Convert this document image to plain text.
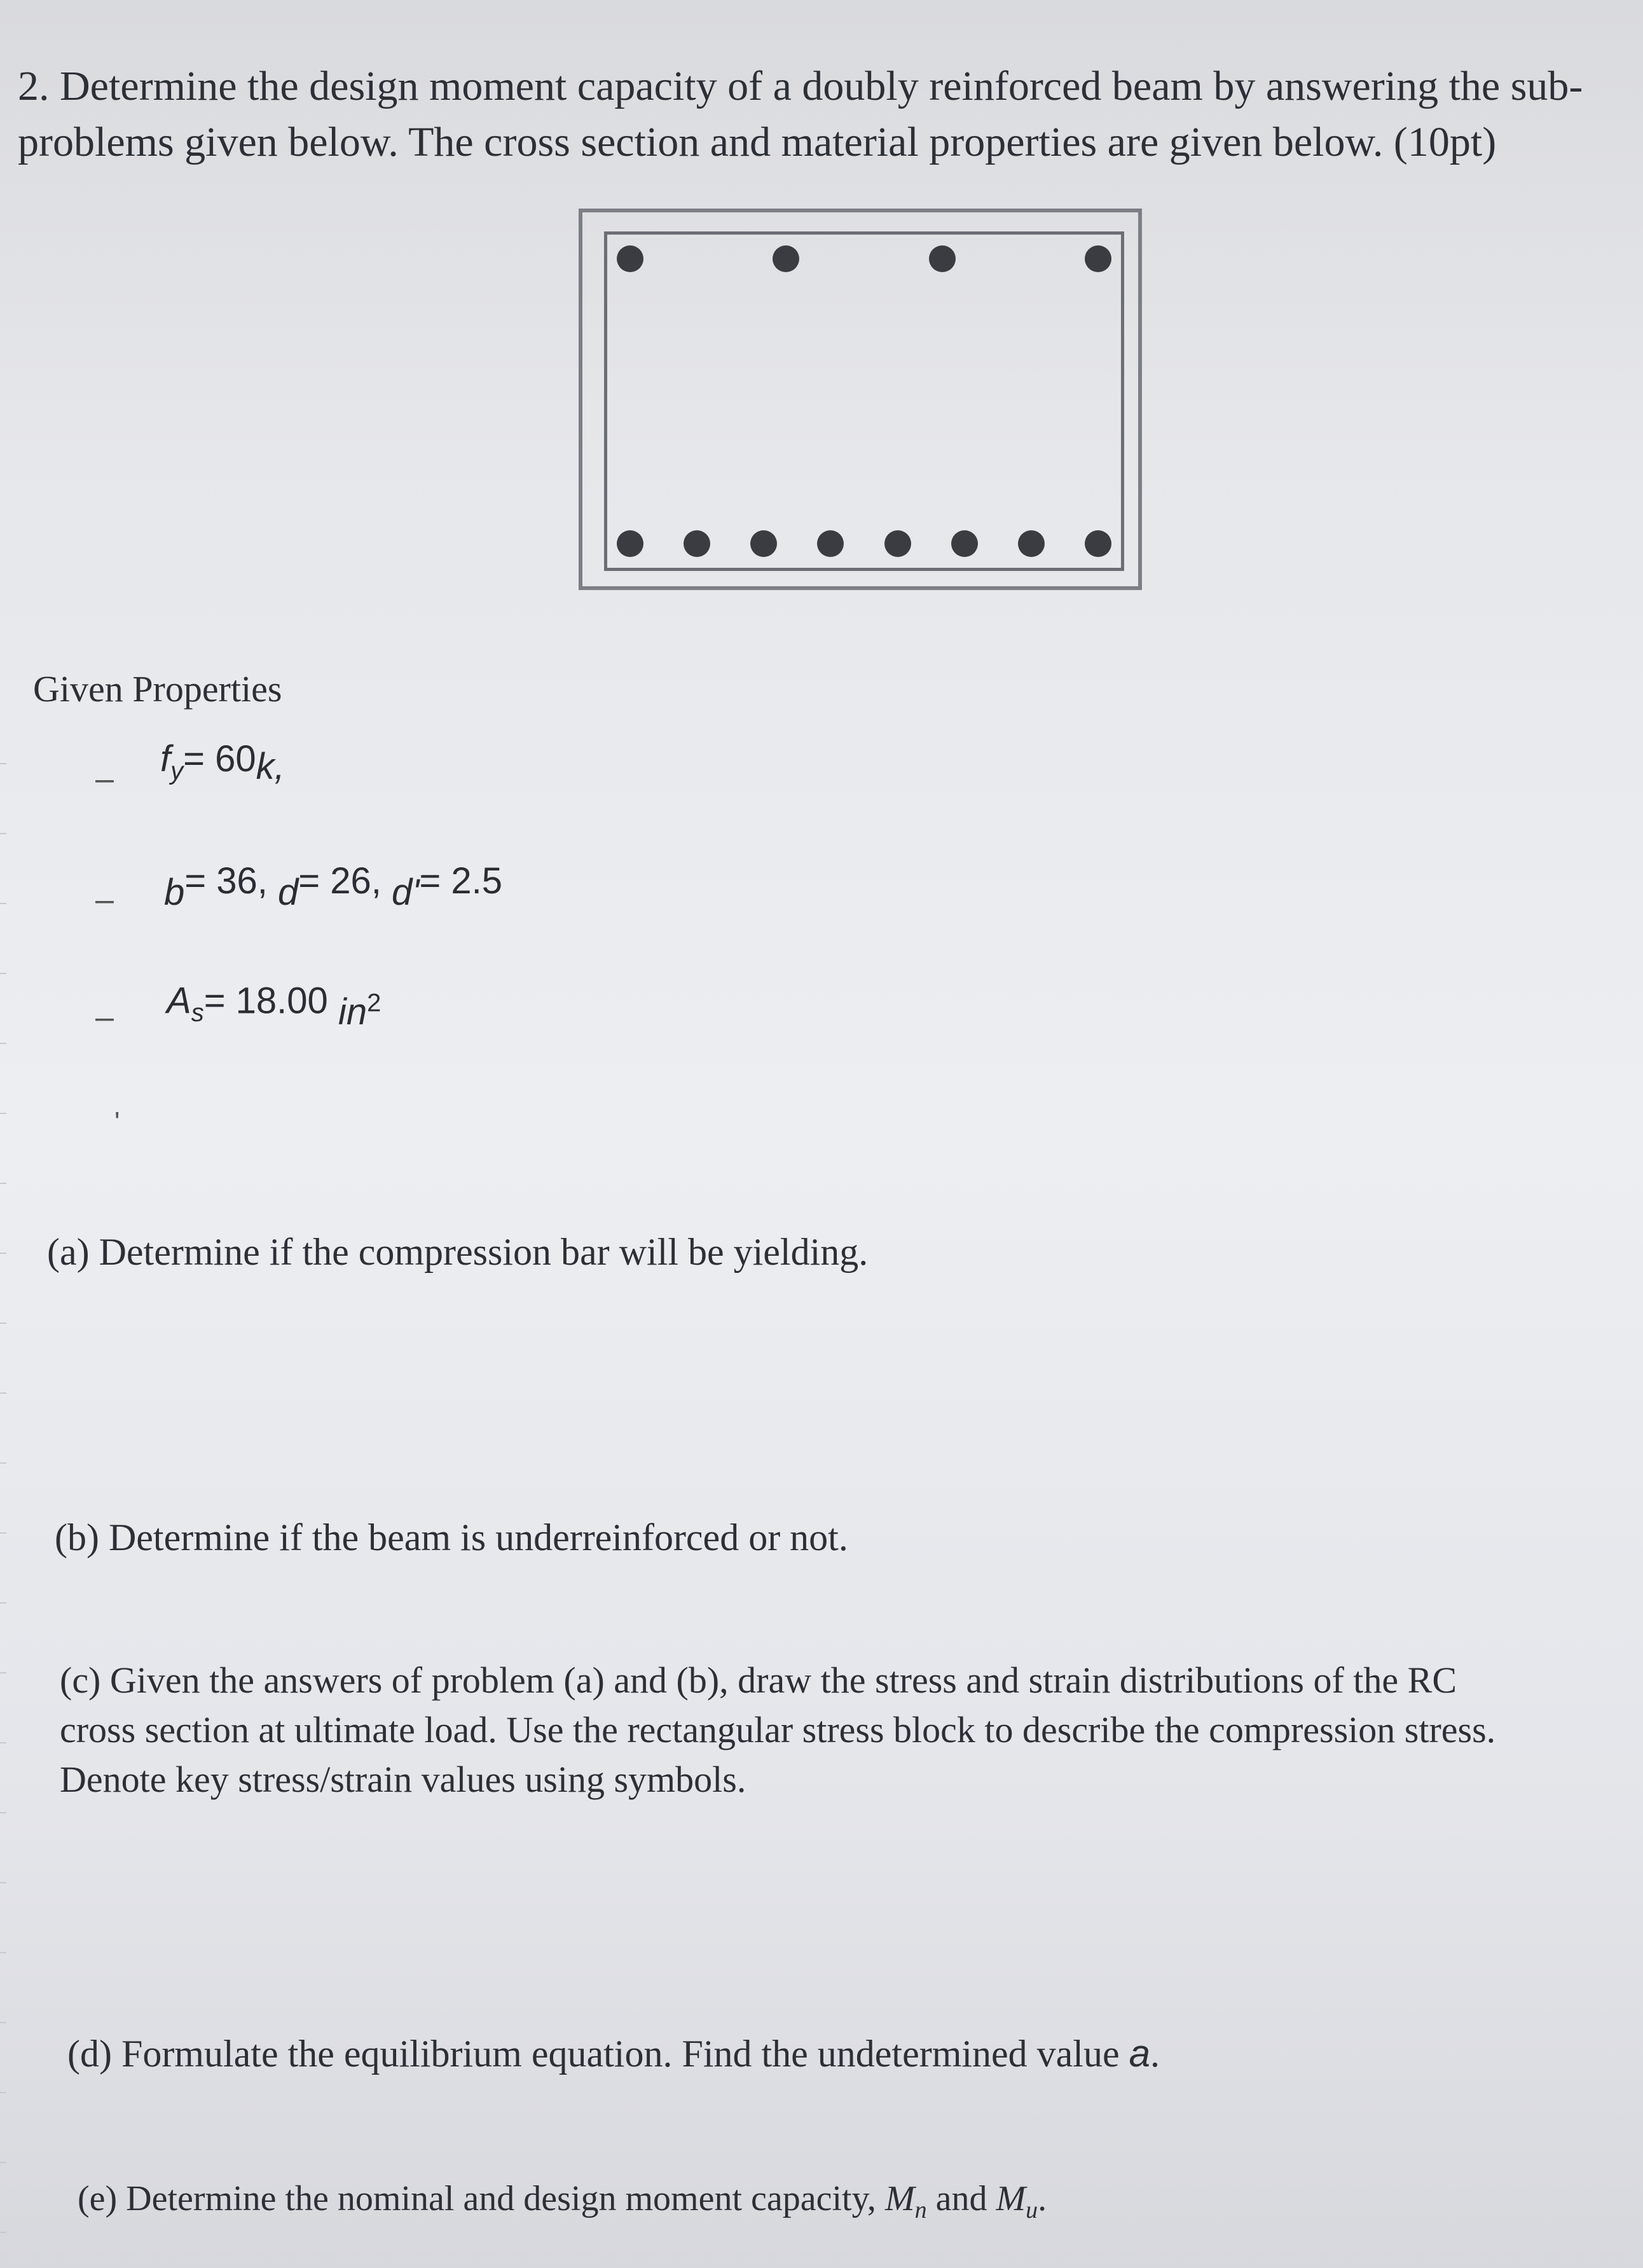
2. Determine the design moment capacity of a doubly reinforced beam by answering the sub-
problems given below. The cross section and material properties are given below. (10pt)
Given Properties
– $f_y= 60k$,
– b= 36, d= 26, d'= 2.5
– $A_s= 18.00$ $in^2$
'
(a) Determine if the compression bar will be yielding.
(b) Determine if the beam is underreinforced or not.
(c) Given the answers of problem (a) and (b), draw the stress and strain distributions of the RC
cross section at ultimate load. Use the rectangular stress block to describe the compression stress.
Denote key stress/strain values using symbols.
(d) Formulate the equilibrium equation. Find the undetermined value a.
(e) Determine the nominal and design moment capacity, $M_n$ and $M_u$.
